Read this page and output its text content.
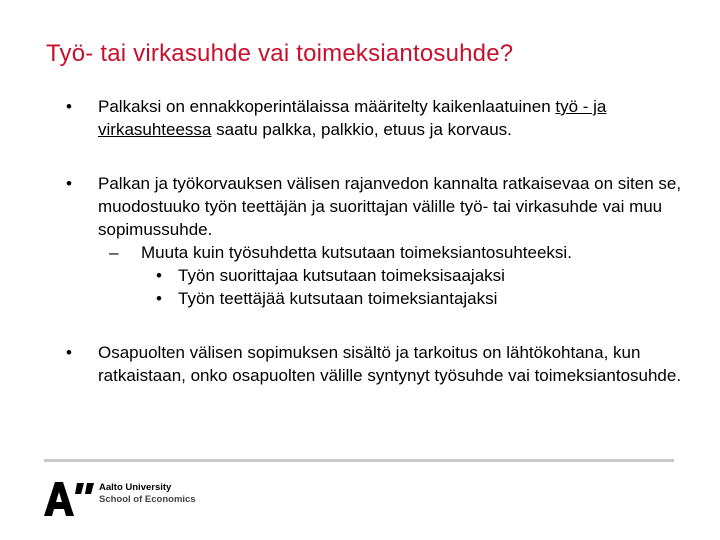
Työ- tai virkasuhde vai toimeksiantosuhde?
•	Palkaksi on ennakkoperintälaissa määritelty kaikenlaatuinen työ - ja virkasuhteessa saatu palkka, palkkio, etuus ja korvaus.
•	Palkan ja työkorvauksen välisen rajanvedon kannalta ratkaisevaa on siten se, muodostuuko työn teettäjän ja suorittajan välille työ- tai virkasuhde vai muu sopimussuhde.
– Muuta kuin työsuhdetta kutsutaan toimeksiantosuhteeksi.
• Työn suorittajaa kutsutaan toimeksisaajaksi
• Työn teettäjää kutsutaan toimeksiantajaksi
•	Osapuolten välisen sopimuksen sisältö ja tarkoitus on lähtökohtana, kun ratkaistaan, onko osapuolten välille syntynyt työsuhde vai toimeksiantosuhde.
Aalto University
School of Economics
